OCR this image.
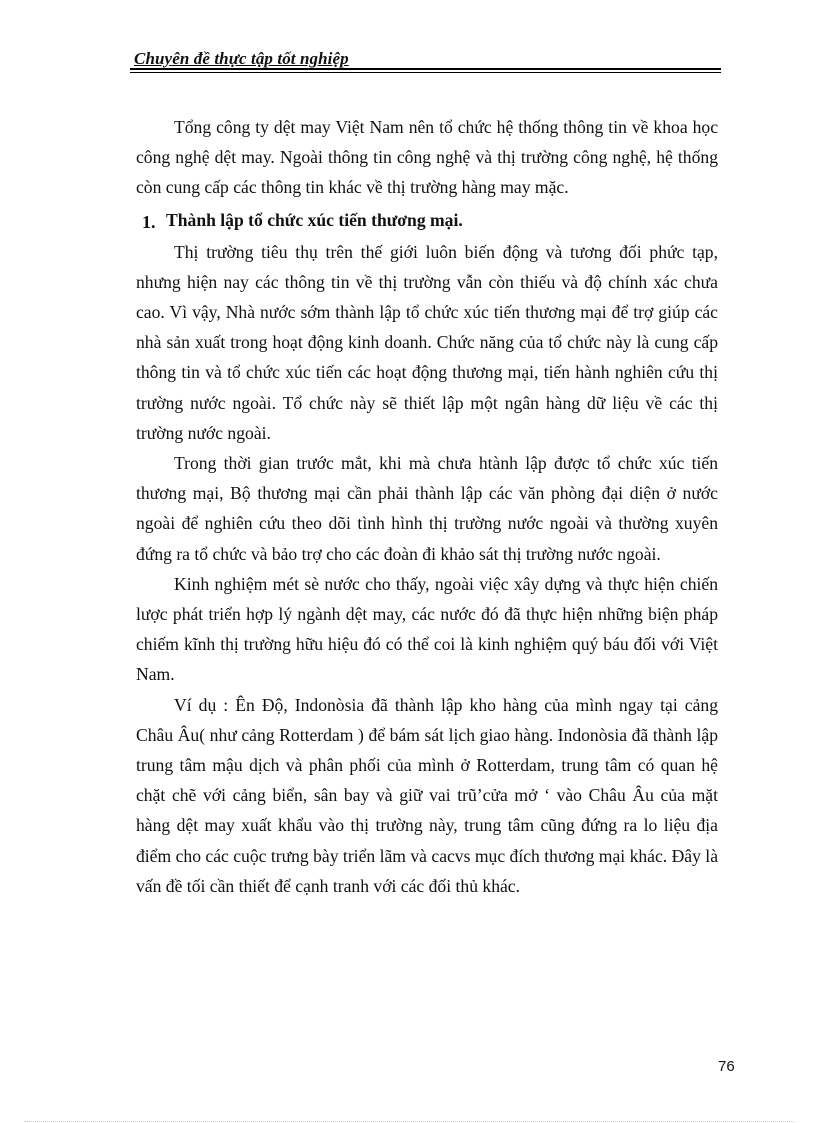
Chuyên đề thực tập tốt nghiệp

Tổng công ty dệt may Việt Nam nên tổ chức hệ thống thông tin về khoa học công nghệ dệt may. Ngoài thông tin công nghệ và thị trường công nghệ, hệ thống còn cung cấp các thông tin khác về thị trường hàng may mặc.

1. Thành lập tổ chức xúc tiến thương mại.

Thị trường tiêu thụ trên thế giới luôn biến động và tương đối phức tạp, nhưng hiện nay các thông tin về thị trường vẫn còn thiếu và độ chính xác chưa cao. Vì vậy, Nhà nước sớm thành lập tổ chức xúc tiến thương mại để trợ giúp các nhà sản xuất trong hoạt động kinh doanh. Chức năng của tổ chức này là cung cấp thông tin và tổ chức xúc tiến các hoạt động thương mại, tiến hành nghiên cứu thị trường nước ngoài. Tổ chức này sẽ thiết lập một ngân hàng dữ liệu về các thị trường nước ngoài.

Trong thời gian trước mắt, khi mà chưa htành lập được tổ chức xúc tiến thương mại, Bộ thương mại cần phải thành lập các văn phòng đại diện ở nước ngoài để nghiên cứu theo dõi tình hình thị trường nước ngoài và thường xuyên đứng ra tổ chức và bảo trợ cho các đoàn đi khảo sát thị trường nước ngoài.

Kinh nghiệm mét sè nước cho thấy, ngoài việc xây dựng và thực hiện chiến lược phát triển hợp lý ngành dệt may, các nước đó đã thực hiện những biện pháp chiếm kĩnh thị trường hữu hiệu đó có thể coi là kinh nghiệm quý báu đối với Việt Nam.

Ví dụ : Ên Độ, Indonòsia đã thành lập kho hàng của mình ngay tại cảng Châu Âu( như cảng Rotterdam ) để bám sát lịch giao hàng. Indonòsia đã thành lập trung tâm mậu dịch và phân phối của mình ở Rotterdam, trung tâm có quan hệ chặt chẽ với cảng biển, sân bay và giữ vai trũ’cửa mở ‘ vào Châu Âu của mặt hàng dệt may xuất khẩu vào thị trường này, trung tâm cũng đứng ra lo liệu địa điểm cho các cuộc trưng bày triển lãm và cacvs mục đích thương mại khác. Đây là vấn đề tối cần thiết để cạnh tranh với các đối thủ khác.

76
